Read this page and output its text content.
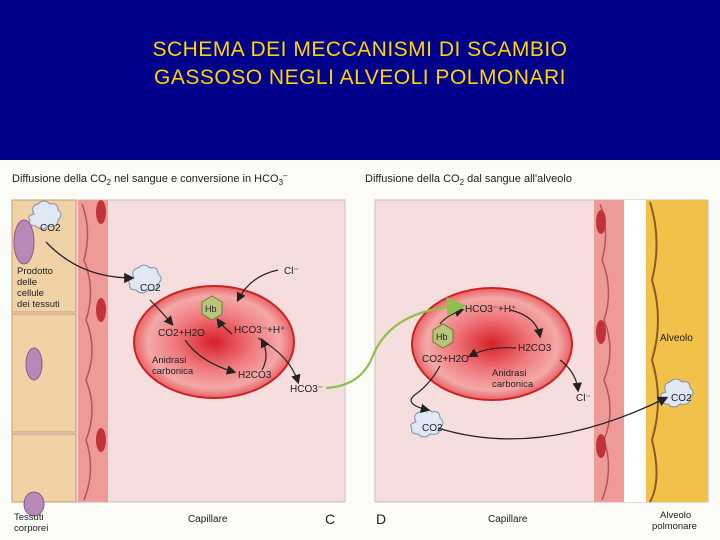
SCHEMA DEI MECCANISMI DI SCAMBIO
GASSOSO NEGLI ALVEOLI POLMONARI
Diffusione della $CO_2$ nel sangue e conversione in $HCO_3^-$	Diffusione della $CO_2$ dal sangue all'alveolo
Prodotto delle cellule dei tessuti
CO2
CO2
Hb
CO2+H2O	HCO3⁻+H⁺
Anidrasi carbonica	H2CO3
Cl⁻
HCO3⁻
Tessuti corporei
Capillare	C
Alveolo
HCO3⁻+H⁺
Hb
H2CO3
CO2+H2O
Anidrasi carbonica
Cl⁻
CO2
CO2
D	Capillare	Alveolo polmonare
